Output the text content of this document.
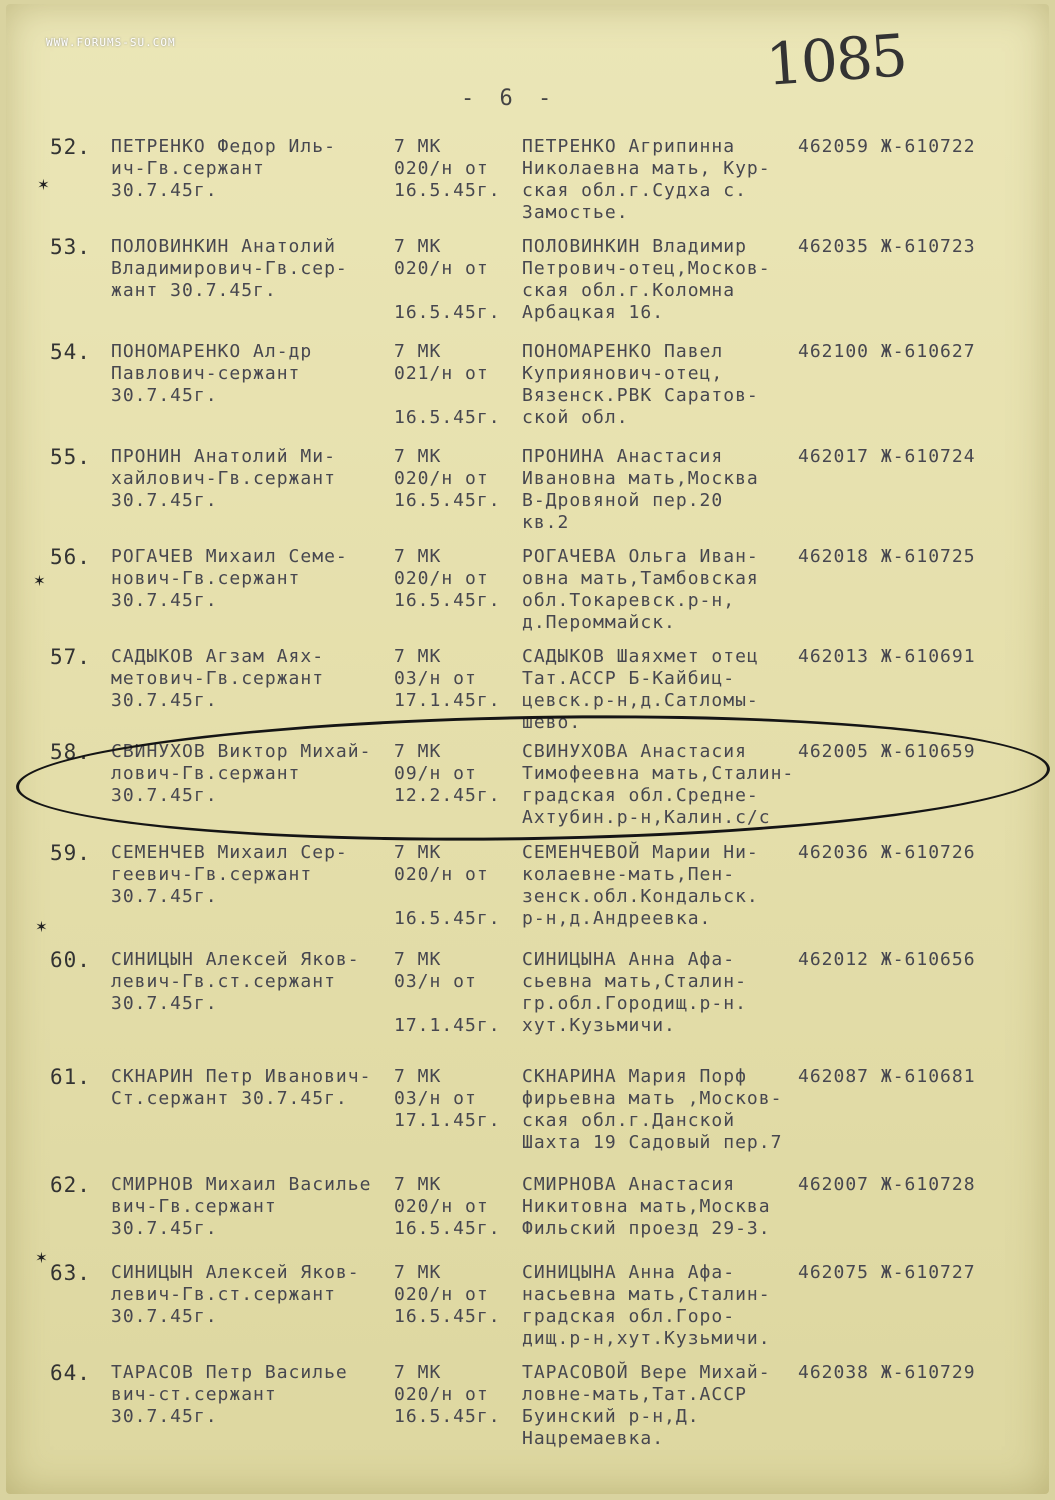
WWW.FORUMS-SU.COM	1085
- 6 -
52. ПЕТРЕНКО Федор Иль-
ич-Гв.сержант
30.7.45г.
7 МК
020/н от
16.5.45г.
ПЕТРЕНКО Агрипинна
Николаевна мать, Кур-
ская обл.г.Судха с.
Замостье.
462059 Ж-610722
53. ПОЛОВИНКИН Анатолий
Владимирович-Гв.сер-
жант 30.7.45г.
7 МК
020/н от

16.5.45г.
ПОЛОВИНКИН Владимир
Петрович-отец,Москов-
ская обл.г.Коломна
Арбацкая 16.
462035 Ж-610723
54. ПОНОМАРЕНКО Ал-др
Павлович-сержант
30.7.45г.
7 МК
021/н от

16.5.45г.
ПОНОМАРЕНКО Павел
Куприянович-отец,
Вязенск.РВК Саратов-
ской обл.
462100 Ж-610627
55. ПРОНИН Анатолий Ми-
хайлович-Гв.сержант
30.7.45г.
7 МК
020/н от
16.5.45г.
ПРОНИНА Анастасия
Ивановна мать,Москва
В-Дровяной пер.20
кв.2
462017 Ж-610724
56. РОГАЧЕВ Михаил Семе-
нович-Гв.сержант
30.7.45г.
7 МК
020/н от
16.5.45г.
РОГАЧЕВА Ольга Иван-
овна мать,Тамбовская
обл.Токаревск.р-н,
д.Пероммайск.
462018 Ж-610725
57. САДЫКОВ Агзам Аях-
метович-Гв.сержант
30.7.45г.
7 МК
03/н от
17.1.45г.
САДЫКОВ Шаяхмет отец
Тат.АССР Б-Кайбиц-
цевск.р-н,д.Сатломы-
шево.
462013 Ж-610691
58. СВИНУХОВ Виктор Михай-
лович-Гв.сержант
30.7.45г.
7 МК
09/н от
12.2.45г.
СВИНУХОВА Анастасия
Тимофеевна мать,Сталин-
градская обл.Средне-
Ахтубин.р-н,Калин.с/с
462005 Ж-610659
59. СЕМЕНЧЕВ Михаил Сер-
геевич-Гв.сержант
30.7.45г.
7 МК
020/н от

16.5.45г.
СЕМЕНЧЕВОЙ Марии Ни-
колаевне-мать,Пен-
зенск.обл.Кондальск.
р-н,д.Андреевка.
462036 Ж-610726
60. СИНИЦЫН Алексей Яков-
левич-Гв.ст.сержант
30.7.45г.
7 МК
03/н от

17.1.45г.
СИНИЦЫНА Анна Афа-
сьевна мать,Сталин-
гр.обл.Городищ.р-н.
хут.Кузьмичи.
462012 Ж-610656
61. СКНАРИН Петр Иванович-
Ст.сержант 30.7.45г.
7 МК
03/н от
17.1.45г.
СКНАРИНА Мария Порф
фирьевна мать ,Москов-
ская обл.г.Данской
Шахта 19 Садовый пер.7
462087 Ж-610681
62. СМИРНОВ Михаил Василье
вич-Гв.сержант
30.7.45г.
7 МК
020/н от
16.5.45г.
СМИРНОВА Анастасия
Никитовна мать,Москва
Фильский проезд 29-3.
462007 Ж-610728
63. СИНИЦЫН Алексей Яков-
левич-Гв.ст.сержант
30.7.45г.
7 МК
020/н от
16.5.45г.
СИНИЦЫНА Анна Афа-
насьевна мать,Сталин-
градская обл.Горо-
дищ.р-н,хут.Кузьмичи.
462075 Ж-610727
64. ТАРАСОВ Петр Василье
вич-ст.сержант
30.7.45г.
7 МК
020/н от
16.5.45г.
ТАРАСОВОЙ Вере Михай-
ловне-мать,Тат.АССР
Буинский р-н,Д.
Нацремаевка.
462038 Ж-610729
✶
✶
✶
✶
